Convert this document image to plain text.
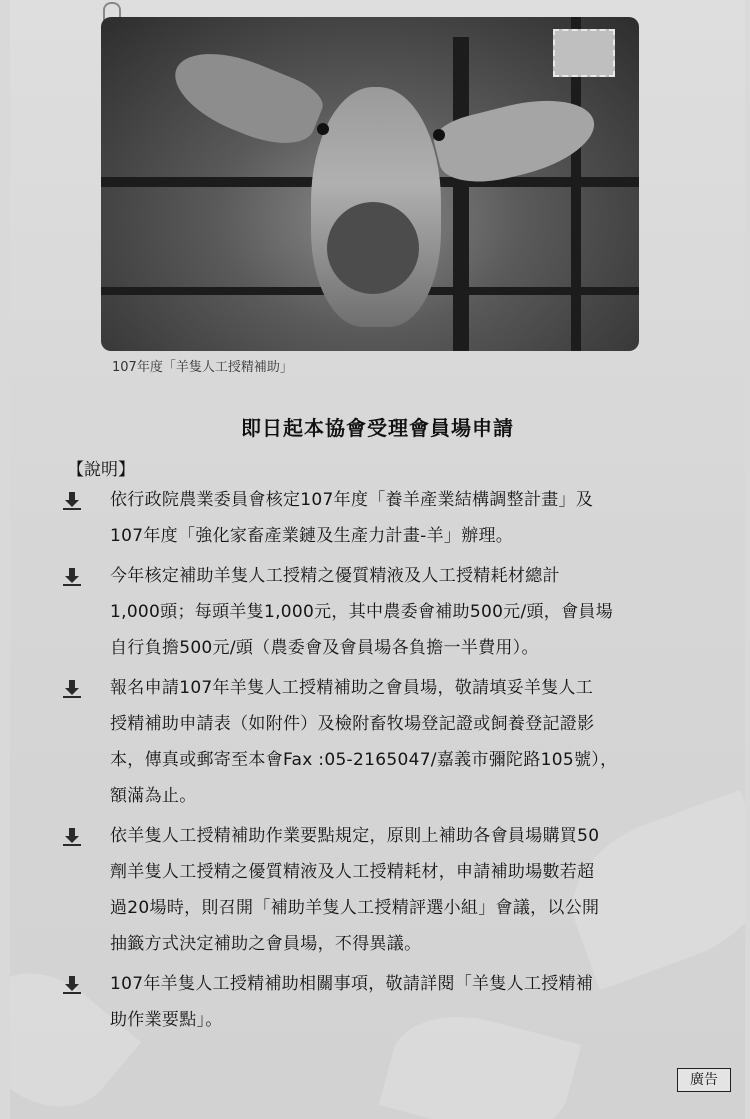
107年度「羊隻人工授精補助」
即日起本協會受理會員場申請
【說明】
依行政院農業委員會核定107年度「養羊產業結構調整計畫」及
107年度「強化家畜產業鏈及生產力計畫-羊」辦理。
今年核定補助羊隻人工授精之優質精液及人工授精耗材總計
1,000頭；每頭羊隻1,000元，其中農委會補助500元/頭，會員場
自行負擔500元/頭（農委會及會員場各負擔一半費用）。
報名申請107年羊隻人工授精補助之會員場，敬請填妥羊隻人工
授精補助申請表（如附件）及檢附畜牧場登記證或飼養登記證影
本，傳真或郵寄至本會Fax :05-2165047/嘉義市彌陀路105號），
額滿為止。
依羊隻人工授精補助作業要點規定，原則上補助各會員場購買50
劑羊隻人工授精之優質精液及人工授精耗材，申請補助場數若超
過20場時，則召開「補助羊隻人工授精評選小組」會議，以公開
抽籤方式決定補助之會員場，不得異議。
107年羊隻人工授精補助相關事項，敬請詳閱「羊隻人工授精補
助作業要點」。
廣告
